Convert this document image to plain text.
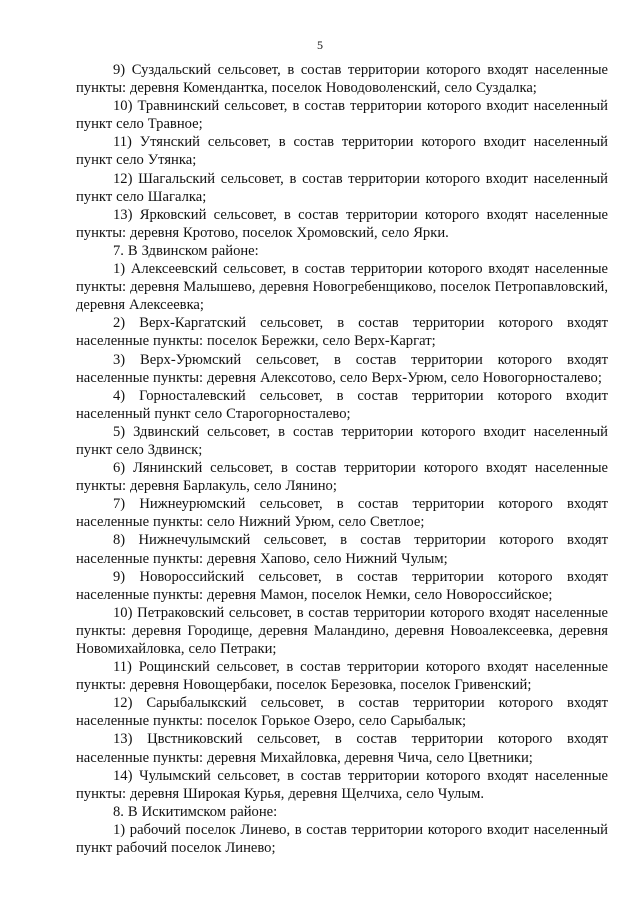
5

9) Суздальский сельсовет, в состав территории которого входят населенные пункты: деревня Комендантка, поселок Новодоволенский, село Суздалка;

10) Травнинский сельсовет, в состав территории которого входит населенный пункт село Травное;

11) Утянский сельсовет, в состав территории которого входит населенный пункт село Утянка;

12) Шагальский сельсовет, в состав территории которого входит населенный пункт село Шагалка;

13) Ярковский сельсовет, в состав территории которого входят населенные пункты: деревня Кротово, поселок Хромовский, село Ярки.

7. В Здвинском районе:

1) Алексеевский сельсовет, в состав территории которого входят населенные пункты: деревня Малышево, деревня Новогребенщиково, поселок Петропавловский, деревня Алексеевка;

2) Верх-Каргатский сельсовет, в состав территории которого входят населенные пункты: поселок Бережки, село Верх-Каргат;

3) Верх-Урюмский сельсовет, в состав территории которого входят населенные пункты: деревня Алексотово, село Верх-Урюм, село Новогорносталево;

4) Горносталевский сельсовет, в состав территории которого входит населенный пункт село Старогорносталево;

5) Здвинский сельсовет, в состав территории которого входит населенный пункт село Здвинск;

6) Лянинский сельсовет, в состав территории которого входят населенные пункты: деревня Барлакуль, село Лянино;

7) Нижнеурюмский сельсовет, в состав территории которого входят населенные пункты: село Нижний Урюм, село Светлое;

8) Нижнечулымский сельсовет, в состав территории которого входят населенные пункты: деревня Хапово, село Нижний Чулым;

9) Новороссийский сельсовет, в состав территории которого входят населенные пункты: деревня Мамон, поселок Немки, село Новороссийское;

10) Петраковский сельсовет, в состав территории которого входят населенные пункты: деревня Городище, деревня Маландино, деревня Новоалексеевка, деревня Новомихайловка, село Петраки;

11) Рощинский сельсовет, в состав территории которого входят населенные пункты: деревня Новощербаки, поселок Березовка, поселок Гривенский;

12) Сарыбалыкский сельсовет, в состав территории которого входят населенные пункты: поселок Горькое Озеро, село Сарыбалык;

13) Цвстниковский сельсовет, в состав территории которого входят населенные пункты: деревня Михайловка, деревня Чича, село Цветники;

14) Чулымский сельсовет, в состав территории которого входят населенные пункты: деревня Широкая Курья, деревня Щелчиха, село Чулым.

8. В Искитимском районе:

1) рабочий поселок Линево, в состав территории которого входит населенный пункт рабочий поселок Линево;
